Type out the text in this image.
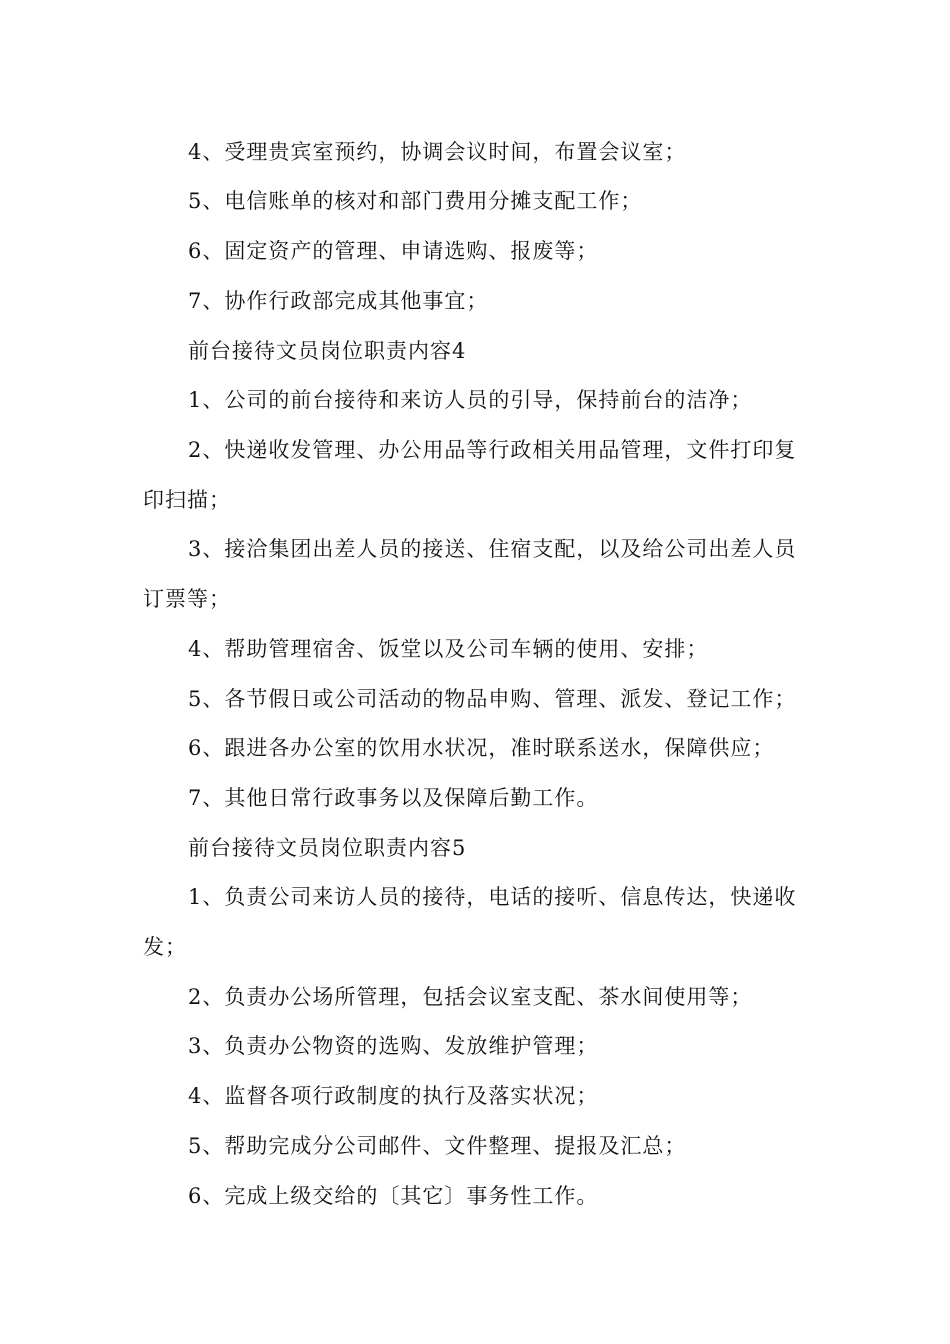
4、受理贵宾室预约，协调会议时间，布置会议室；
5、电信账单的核对和部门费用分摊支配工作；
6、固定资产的管理、申请选购、报废等；
7、协作行政部完成其他事宜；
前台接待文员岗位职责内容4
1、公司的前台接待和来访人员的引导，保持前台的洁净；
2、快递收发管理、办公用品等行政相关用品管理，文件打印复
印扫描；
3、接洽集团出差人员的接送、住宿支配，以及给公司出差人员
订票等；
4、帮助管理宿舍、饭堂以及公司车辆的使用、安排；
5、各节假日或公司活动的物品申购、管理、派发、登记工作；
6、跟进各办公室的饮用水状况，准时联系送水，保障供应；
7、其他日常行政事务以及保障后勤工作。
前台接待文员岗位职责内容5
1、负责公司来访人员的接待，电话的接听、信息传达，快递收
发；
2、负责办公场所管理，包括会议室支配、茶水间使用等；
3、负责办公物资的选购、发放维护管理；
4、监督各项行政制度的执行及落实状况；
5、帮助完成分公司邮件、文件整理、提报及汇总；
6、完成上级交给的〔其它〕事务性工作。
